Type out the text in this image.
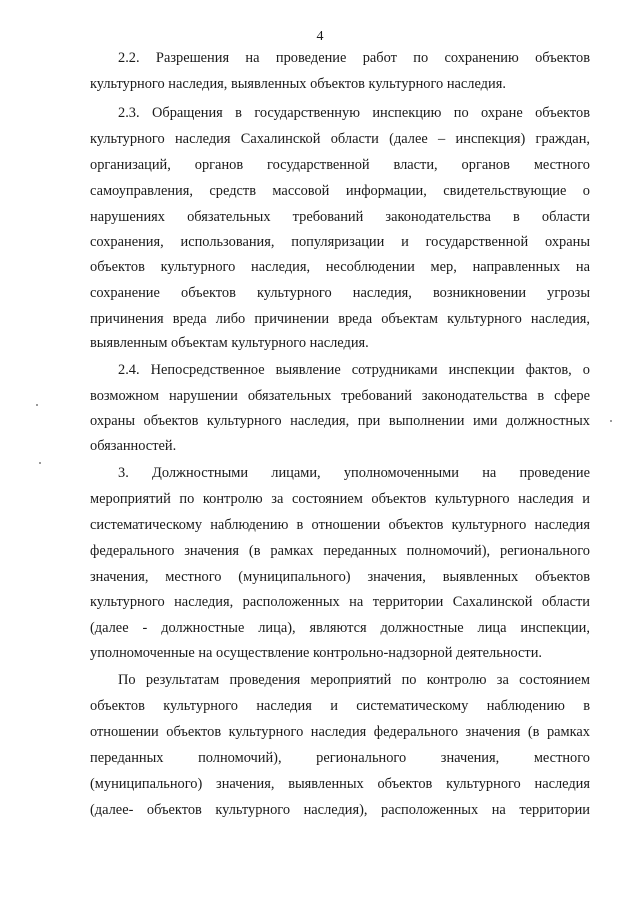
4
2.2. Разрешения на проведение работ по сохранению объектов
культурного наследия, выявленных объектов культурного наследия.
2.3. Обращения в государственную инспекцию по охране объектов
культурного наследия Сахалинской области (далее – инспекция) граждан,
организаций, органов государственной власти, органов местного
самоуправления, средств массовой информации, свидетельствующие о
нарушениях обязательных требований законодательства в области
сохранения, использования, популяризации и государственной охраны
объектов культурного наследия, несоблюдении мер, направленных на
сохранение объектов культурного наследия, возникновении угрозы
причинения вреда либо причинении вреда объектам культурного наследия,
выявленным объектам культурного наследия.
2.4. Непосредственное выявление сотрудниками инспекции фактов, о
возможном нарушении обязательных требований законодательства в сфере
охраны объектов культурного наследия, при выполнении ими должностных
обязанностей.
3. Должностными лицами, уполномоченными на проведение
мероприятий по контролю за состоянием объектов культурного наследия и
систематическому наблюдению в отношении объектов культурного наследия
федерального значения (в рамках переданных полномочий), регионального
значения, местного (муниципального) значения, выявленных объектов
культурного наследия, расположенных на территории Сахалинской области
(далее - должностные лица), являются должностные лица инспекции,
уполномоченные на осуществление контрольно-надзорной деятельности.
По результатам проведения мероприятий по контролю за состоянием
объектов культурного наследия и систематическому наблюдению в
отношении объектов культурного наследия федерального значения (в рамках
переданных полномочий), регионального значения, местного
(муниципального) значения, выявленных объектов культурного наследия
(далее- объектов культурного наследия), расположенных на территории
